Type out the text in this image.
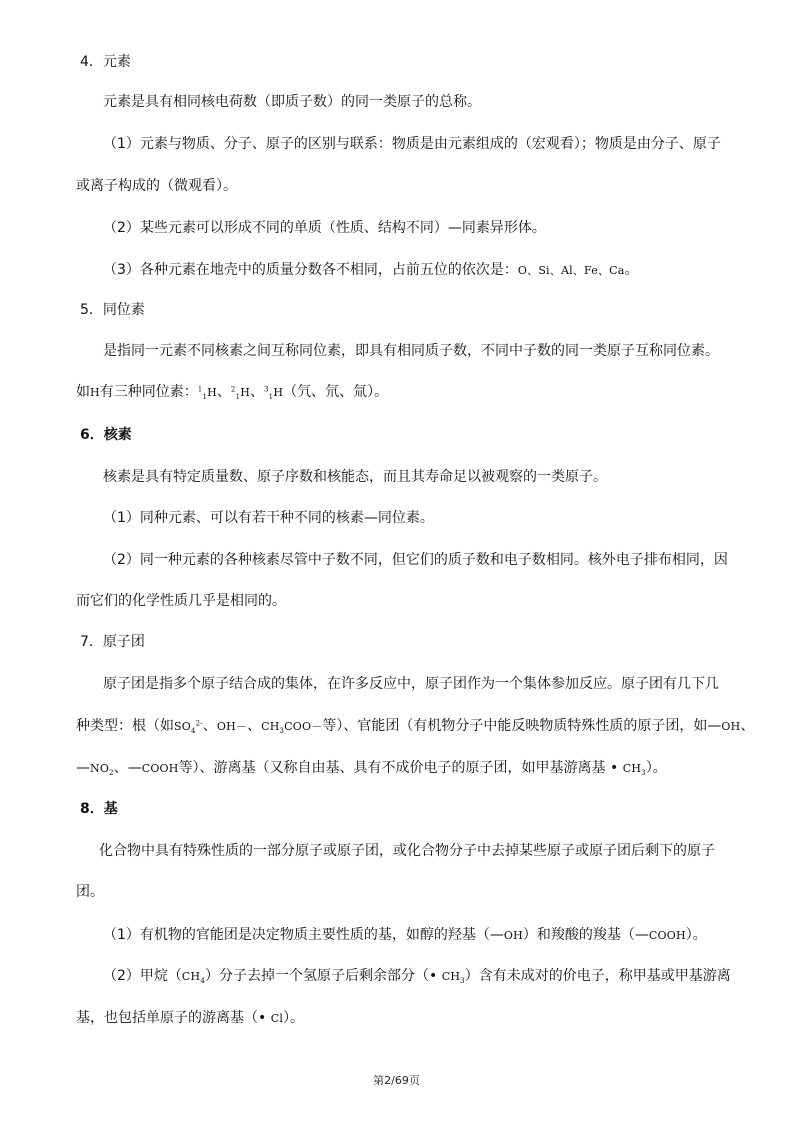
4．元素
元素是具有相同核电荷数（即质子数）的同一类原子的总称。
（1）元素与物质、分子、原子的区别与联系：物质是由元素组成的（宏观看）；物质是由分子、原子
或离子构成的（微观看）。
（2）某些元素可以形成不同的单质（性质、结构不同）—同素异形体。
（3）各种元素在地壳中的质量分数各不相同，占前五位的依次是：O、Si、Al、Fe、Ca。
5．同位素
是指同一元素不同核素之间互称同位素，即具有相同质子数，不同中子数的同一类原子互称同位素。
如H有三种同位素：$^1_1$H、$^2_1$H、$^3_1$H（氕、氘、氚）。
6．核素
核素是具有特定质量数、原子序数和核能态，而且其寿命足以被观察的一类原子。
（1）同种元素、可以有若干种不同的核素—同位素。
（2）同一种元素的各种核素尽管中子数不同，但它们的质子数和电子数相同。核外电子排布相同，因
而它们的化学性质几乎是相同的。
7．原子团
原子团是指多个原子结合成的集体，在许多反应中，原子团作为一个集体参加反应。原子团有几下几
种类型：根（如$SO_4^{2-}$、OH－、$CH_3COO-$等）、官能团（有机物分子中能反映物质特殊性质的原子团，如—OH、
$—NO_2$、—COOH等）、游离基（又称自由基、具有不成价电子的原子团，如甲基游离基 • $CH_3$）。
8．基
化合物中具有特殊性质的一部分原子或原子团，或化合物分子中去掉某些原子或原子团后剩下的原子
团。
（1）有机物的官能团是决定物质主要性质的基，如醇的羟基（—OH）和羧酸的羧基（—COOH）。
（2）甲烷$(CH_4)$分子去掉一个氢原子后剩余部分（• $CH_3$）含有未成对的价电子，称甲基或甲基游离
基，也包括单原子的游离基（• Cl）。
第2/69页
